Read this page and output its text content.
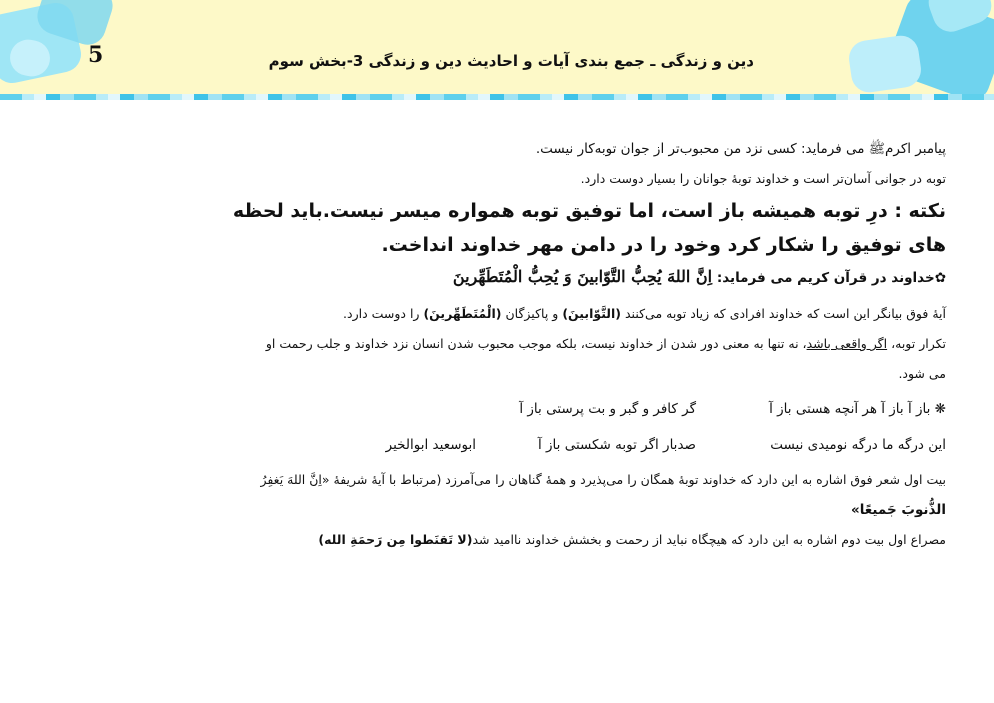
5	دین و زندگی ـ جمع بندی آیات و احادیث دین و زندگی 3-بخش سوم
پیامبر اکرمﷺ می فرماید: کسی نزد من محبوب‌تر از جوان توبه‌کار نیست.
توبه در جوانی آسان‌تر است و خداوند توبهٔ جوانان را بسیار دوست دارد.
نکته : درِ توبه همیشه باز است، اما توفیق توبه همواره میسر نیست.باید لحظه
های توفیق را شکار کرد وخود را در دامن مهر خداوند انداخت.
✿خداوند در قرآن کریم می فرماید: اِنَّ اللهَ یُحِبُّ التَّوّابینَ وَ یُحِبُّ الْمُتَطَهِّرینَ
آیهٔ فوق بیانگر این است که خداوند افرادی که زیاد توبه می‌کنند (التَّوّابینَ) و پاکیزگان (الْمُتَطَهِّرینَ) را دوست دارد.
تکرار توبه، اگر واقعی باشد، نه تنها به معنی دور شدن از خداوند نیست، بلکه موجب محبوب شدن انسان نزد خداوند و جلب رحمت او
می شود.
❋ باز آ باز آ هر آنچه هستی باز آ
گر کافر و گبر و بت پرستی باز آ
این درگه ما درگه نومیدی نیست
صدبار اگر توبه شکستی باز آ
ابوسعید ابوالخیر
بیت اول شعر فوق اشاره به این دارد که خداوند توبهٔ همگان را می‌پذیرد و همهٔ گناهان را می‌آمرزد (مرتباط با آیهٔ شریفهٔ «اِنَّ اللهَ یَغفِرُ
الذُّنوبَ جَمیعًا»
مصراع اول بیت دوم اشاره به این دارد که هیچگاه نباید از رحمت و بخشش خداوند ناامید شد(لا تَقنَطوا مِن رَحمَةِ الله)
